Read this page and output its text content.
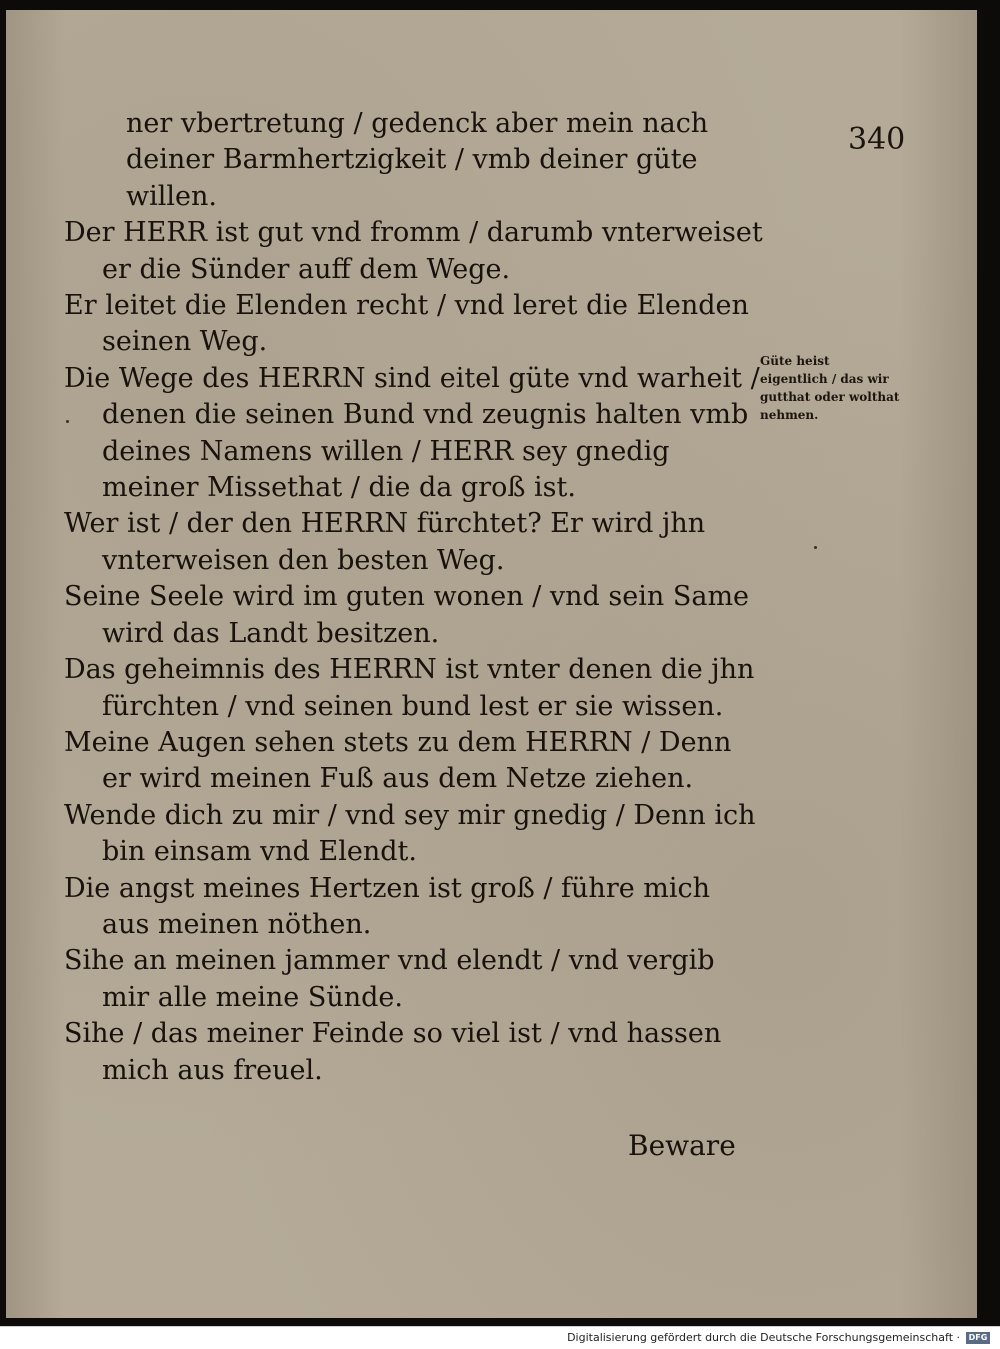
340

ner vbertretung / gedenck aber mein nach deiner Barmhertzigkeit / vmb deiner güte willen.

Der HERR ist gut vnd fromm / darumb vnterweiset er die Sünder auff dem Wege.

Er leitet die Elenden recht / vnd leret die Elenden seinen Weg.

Die Wege des HERRN sind eitel güte vnd warheit / denen die seinen Bund vnd zeugnis halten vmb deines Namens willen / HERR sey gnedig meiner Missethat / die da groß ist.

Wer ist / der den HERRN fürchtet? Er wird jhn vnterweisen den besten Weg.

Seine Seele wird im guten wonen / vnd sein Same wird das Landt besitzen.

Das geheimnis des HERRN ist vnter denen die jhn fürchten / vnd seinen bund lest er sie wissen.

Meine Augen sehen stets zu dem HERRN / Denn er wird meinen Fuß aus dem Netze ziehen.

Wende dich zu mir / vnd sey mir gnedig / Denn ich bin einsam vnd Elendt.

Die angst meines Hertzen ist groß / führe mich aus meinen nöthen.

Sihe an meinen jammer vnd elendt / vnd vergib mir alle meine Sünde.

Sihe / das meiner Feinde so viel ist / vnd hassen mich aus freuel.

Güte heist eigentlich / das wir gutthat oder wolthat nehmen.
Beware
Digitalisierung gefördert durch die Deutsche Forschungsgemeinschaft ·	DFG
